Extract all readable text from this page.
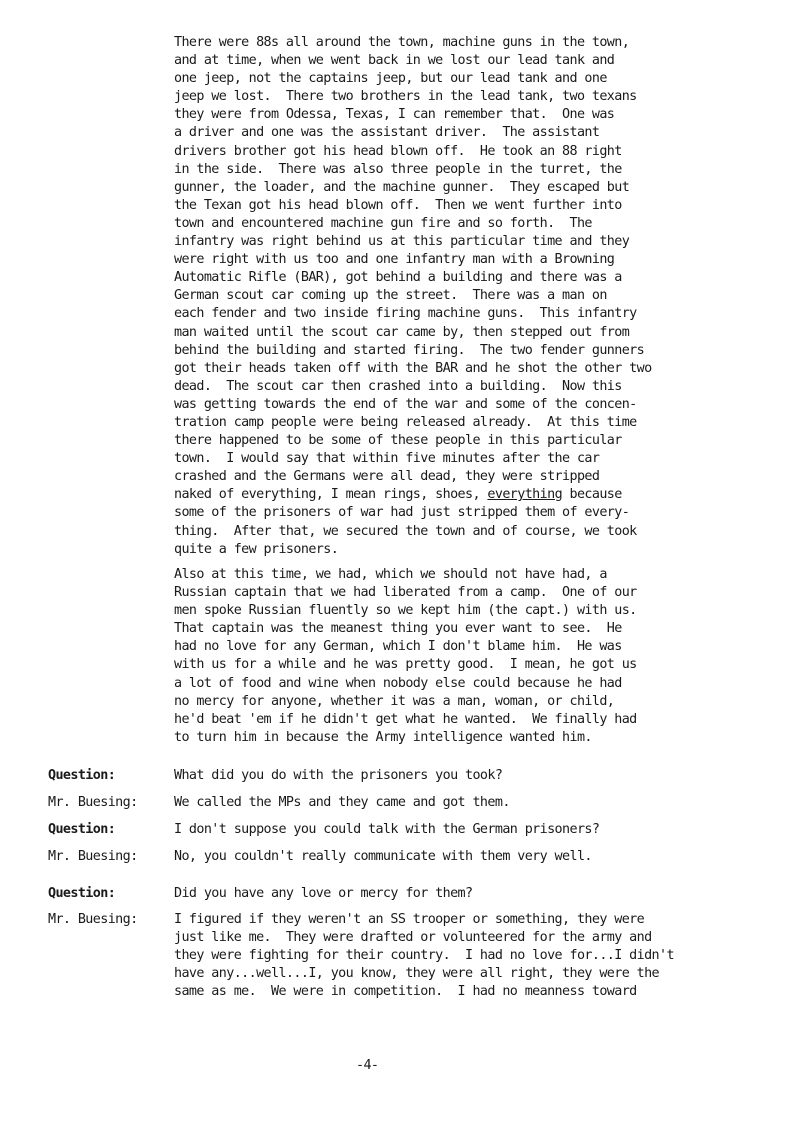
There were 88s all around the town, machine guns in the town,
and at time, when we went back in we lost our lead tank and
one jeep, not the captains jeep, but our lead tank and one
jeep we lost.  There two brothers in the lead tank, two texans
they were from Odessa, Texas, I can remember that.  One was
a driver and one was the assistant driver.  The assistant
drivers brother got his head blown off.  He took an 88 right
in the side.  There was also three people in the turret, the
gunner, the loader, and the machine gunner.  They escaped but
the Texan got his head blown off.  Then we went further into
town and encountered machine gun fire and so forth.  The
infantry was right behind us at this particular time and they
were right with us too and one infantry man with a Browning
Automatic Rifle (BAR), got behind a building and there was a
German scout car coming up the street.  There was a man on
each fender and two inside firing machine guns.  This infantry
man waited until the scout car came by, then stepped out from
behind the building and started firing.  The two fender gunners
got their heads taken off with the BAR and he shot the other two
dead.  The scout car then crashed into a building.  Now this
was getting towards the end of the war and some of the concen-
tration camp people were being released already.  At this time
there happened to be some of these people in this particular
town.  I would say that within five minutes after the car
crashed and the Germans were all dead, they were stripped
naked of everything, I mean rings, shoes, everything because
some of the prisoners of war had just stripped them of every-
thing.  After that, we secured the town and of course, we took
quite a few prisoners.
Also at this time, we had, which we should not have had, a
Russian captain that we had liberated from a camp.  One of our
men spoke Russian fluently so we kept him (the capt.) with us.
That captain was the meanest thing you ever want to see.  He
had no love for any German, which I don't blame him.  He was
with us for a while and he was pretty good.  I mean, he got us
a lot of food and wine when nobody else could because he had
no mercy for anyone, whether it was a man, woman, or child,
he'd beat 'em if he didn't get what he wanted.  We finally had
to turn him in because the Army intelligence wanted him.
Question:	What did you do with the prisoners you took?
Mr. Buesing:	We called the MPs and they came and got them.
Question:	I don't suppose you could talk with the German prisoners?
Mr. Buesing:	No, you couldn't really communicate with them very well.
Question:	Did you have any love or mercy for them?
Mr. Buesing:	I figured if they weren't an SS trooper or something, they were
just like me.  They were drafted or volunteered for the army and
they were fighting for their country.  I had no love for...I didn't
have any...well...I, you know, they were all right, they were the
same as me.  We were in competition.  I had no meanness toward
-4-
